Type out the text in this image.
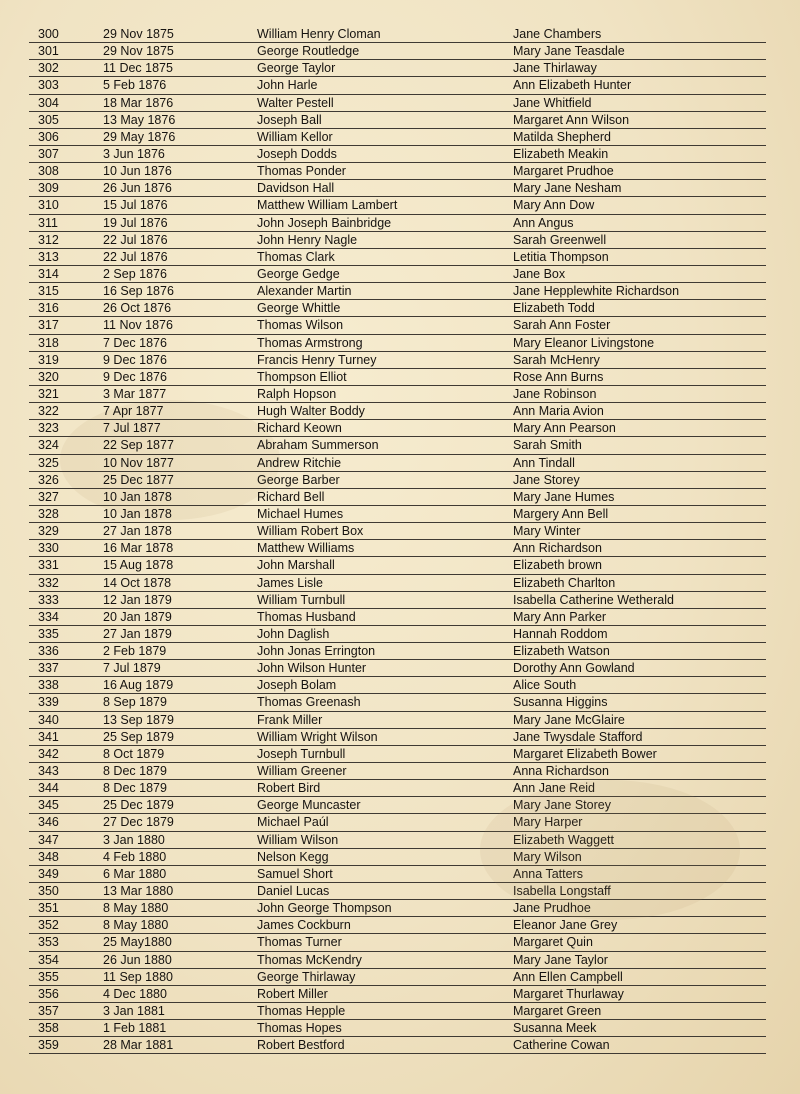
300	29 Nov 1875	William Henry Cloman	Jane Chambers
301	29 Nov 1875	George Routledge	Mary Jane Teasdale
302	11 Dec 1875	George Taylor	Jane Thirlaway
303	5 Feb 1876	John Harle	Ann Elizabeth Hunter
304	18 Mar 1876	Walter Pestell	Jane Whitfield
305	13 May 1876	Joseph Ball	Margaret Ann Wilson
306	29 May 1876	William Kellor	Matilda Shepherd
307	3 Jun 1876	Joseph Dodds	Elizabeth Meakin
308	10 Jun 1876	Thomas Ponder	Margaret Prudhoe
309	26 Jun 1876	Davidson Hall	Mary Jane Nesham
310	15 Jul 1876	Matthew William Lambert	Mary Ann Dow
311	19 Jul 1876	John Joseph Bainbridge	Ann Angus
312	22 Jul 1876	John Henry Nagle	Sarah Greenwell
313	22 Jul 1876	Thomas Clark	Letitia Thompson
314	2 Sep 1876	George Gedge	Jane Box
315	16 Sep 1876	Alexander Martin	Jane Hepplewhite Richardson
316	26 Oct 1876	George Whittle	Elizabeth Todd
317	11 Nov 1876	Thomas Wilson	Sarah Ann Foster
318	7 Dec 1876	Thomas Armstrong	Mary Eleanor Livingstone
319	9 Dec 1876	Francis Henry Turney	Sarah McHenry
320	9 Dec 1876	Thompson Elliot	Rose Ann Burns
321	3 Mar 1877	Ralph Hopson	Jane Robinson
322	7 Apr 1877	Hugh Walter Boddy	Ann Maria Avion
323	7 Jul 1877	Richard Keown	Mary Ann Pearson
324	22 Sep 1877	Abraham Summerson	Sarah Smith
325	10 Nov 1877	Andrew Ritchie	Ann Tindall
326	25 Dec 1877	George Barber	Jane Storey
327	10 Jan 1878	Richard Bell	Mary Jane Humes
328	10 Jan 1878	Michael Humes	Margery Ann Bell
329	27 Jan 1878	William Robert Box	Mary Winter
330	16 Mar 1878	Matthew Williams	Ann Richardson
331	15 Aug 1878	John Marshall	Elizabeth brown
332	14 Oct 1878	James Lisle	Elizabeth Charlton
333	12 Jan 1879	William Turnbull	Isabella Catherine Wetherald
334	20 Jan 1879	Thomas Husband	Mary Ann Parker
335	27 Jan 1879	John Daglish	Hannah Roddom
336	2 Feb 1879	John Jonas Errington	Elizabeth Watson
337	7 Jul 1879	John Wilson Hunter	Dorothy Ann Gowland
338	16 Aug 1879	Joseph Bolam	Alice South
339	8 Sep 1879	Thomas Greenash	Susanna Higgins
340	13 Sep 1879	Frank Miller	Mary Jane McGlaire
341	25 Sep 1879	William Wright Wilson	Jane Twysdale Stafford
342	8 Oct 1879	Joseph Turnbull	Margaret Elizabeth Bower
343	8 Dec 1879	William Greener	Anna Richardson
344	8 Dec 1879	Robert Bird	Ann Jane Reid
345	25 Dec 1879	George Muncaster	Mary Jane Storey
346	27 Dec 1879	Michael Paúl	Mary Harper
347	3 Jan 1880	William Wilson	Elizabeth Waggett
348	4 Feb 1880	Nelson Kegg	Mary Wilson
349	6 Mar 1880	Samuel Short	Anna Tatters
350	13 Mar 1880	Daniel Lucas	Isabella Longstaff
351	8 May 1880	John George Thompson	Jane Prudhoe
352	8 May 1880	James Cockburn	Eleanor Jane Grey
353	25 May1880	Thomas Turner	Margaret Quin
354	26 Jun 1880	Thomas McKendry	Mary Jane Taylor
355	11 Sep 1880	George Thirlaway	Ann Ellen Campbell
356	4 Dec 1880	Robert Miller	Margaret Thurlaway
357	3 Jan 1881	Thomas Hepple	Margaret Green
358	1 Feb 1881	Thomas Hopes	Susanna Meek
359	28 Mar 1881	Robert Bestford	Catherine Cowan
